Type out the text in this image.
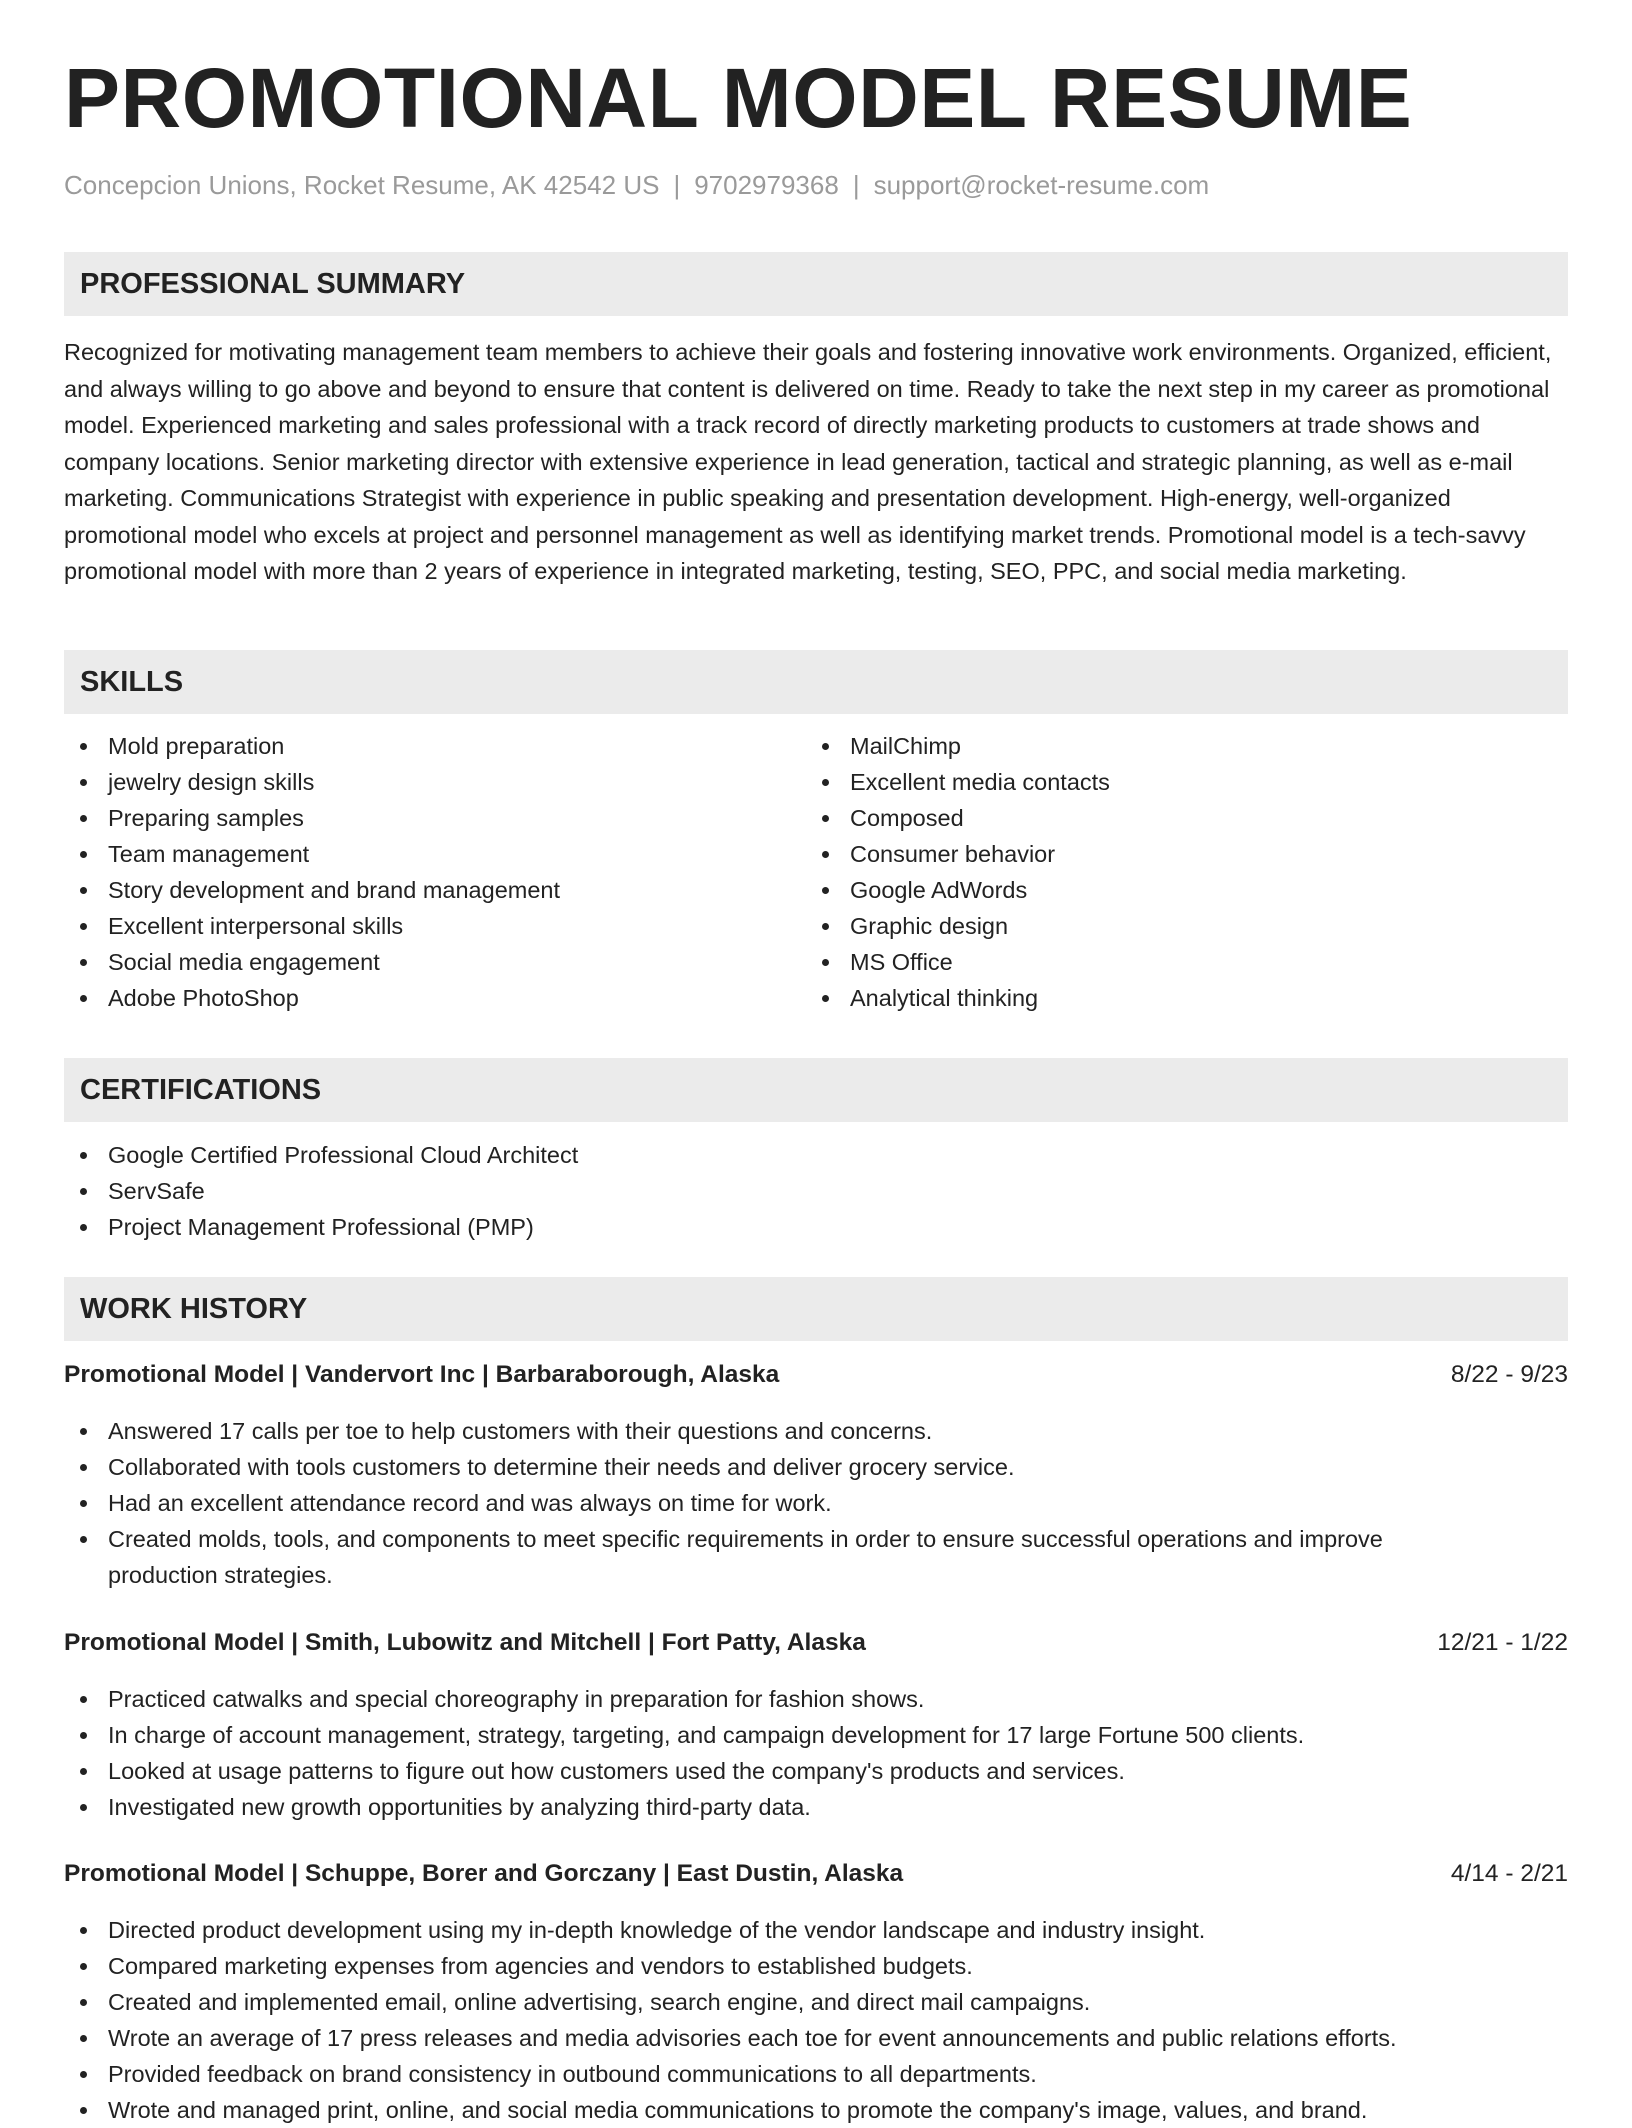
PROMOTIONAL MODEL RESUME
Concepcion Unions, Rocket Resume, AK 42542 US | 9702979368 | support@rocket-resume.com
PROFESSIONAL SUMMARY

Recognized for motivating management team members to achieve their goals and fostering innovative work environments. Organized, efficient, and always willing to go above and beyond to ensure that content is delivered on time. Ready to take the next step in my career as promotional model. Experienced marketing and sales professional with a track record of directly marketing products to customers at trade shows and company locations. Senior marketing director with extensive experience in lead generation, tactical and strategic planning, as well as e-mail marketing. Communications Strategist with experience in public speaking and presentation development. High-energy, well-organized promotional model who excels at project and personnel management as well as identifying market trends. Promotional model is a tech-savvy promotional model with more than 2 years of experience in integrated marketing, testing, SEO, PPC, and social media marketing.

SKILLS
Mold preparation
jewelry design skills
Preparing samples
Team management
Story development and brand management
Excellent interpersonal skills
Social media engagement
Adobe PhotoShop
MailChimp
Excellent media contacts
Composed
Consumer behavior
Google AdWords
Graphic design
MS Office
Analytical thinking
CERTIFICATIONS
Google Certified Professional Cloud Architect
ServSafe
Project Management Professional (PMP)
WORK HISTORY
Promotional Model | Vandervort Inc | Barbaraborough, Alaska	8/22 - 9/23
Answered 17 calls per toe to help customers with their questions and concerns.
Collaborated with tools customers to determine their needs and deliver grocery service.
Had an excellent attendance record and was always on time for work.
Created molds, tools, and components to meet specific requirements in order to ensure successful operations and improve production strategies.
Promotional Model | Smith, Lubowitz and Mitchell | Fort Patty, Alaska	12/21 - 1/22
Practiced catwalks and special choreography in preparation for fashion shows.
In charge of account management, strategy, targeting, and campaign development for 17 large Fortune 500 clients.
Looked at usage patterns to figure out how customers used the company's products and services.
Investigated new growth opportunities by analyzing third-party data.
Promotional Model | Schuppe, Borer and Gorczany | East Dustin, Alaska	4/14 - 2/21
Directed product development using my in-depth knowledge of the vendor landscape and industry insight.
Compared marketing expenses from agencies and vendors to established budgets.
Created and implemented email, online advertising, search engine, and direct mail campaigns.
Wrote an average of 17 press releases and media advisories each toe for event announcements and public relations efforts.
Provided feedback on brand consistency in outbound communications to all departments.
Wrote and managed print, online, and social media communications to promote the company's image, values, and brand.
